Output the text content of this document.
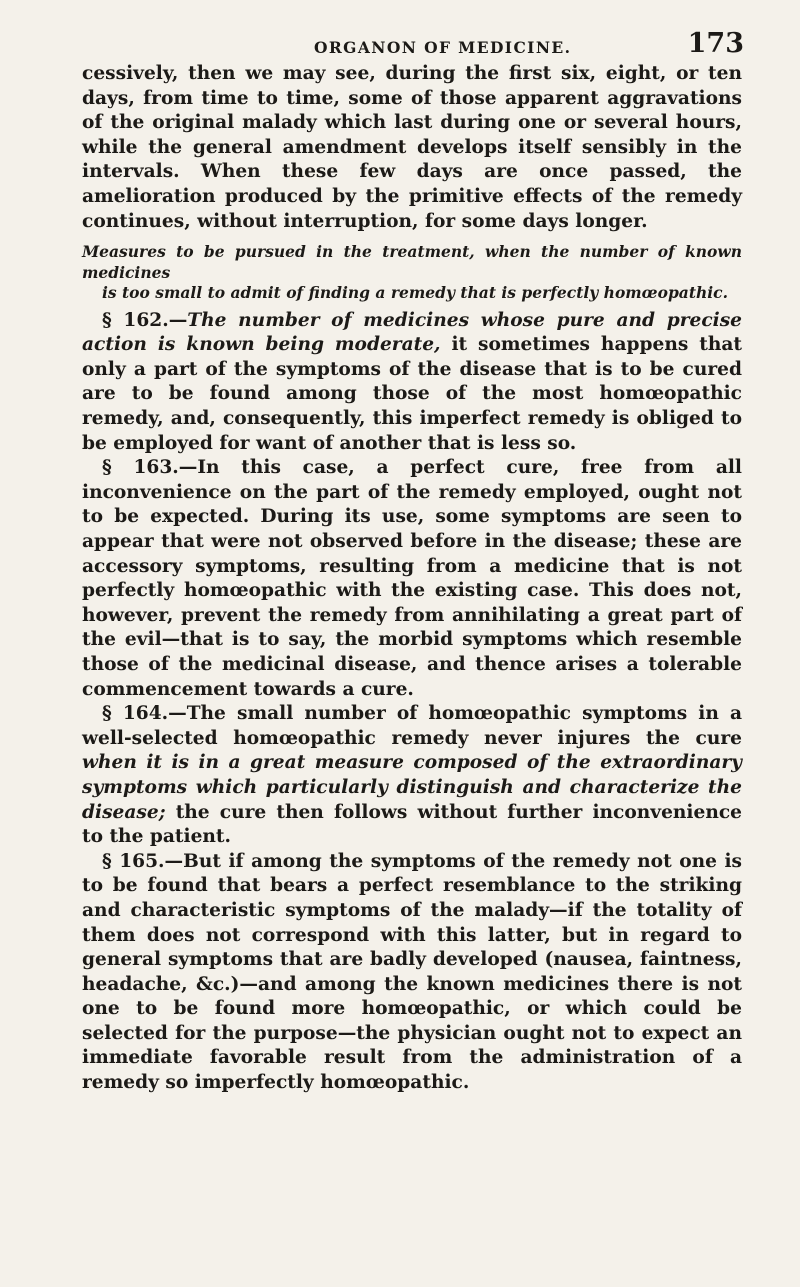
ORGANON OF MEDICINE.	173

cessively, then we may see, during the first six, eight, or ten days, from time to time, some of those apparent aggravations of the original malady which last during one or several hours, while the general amendment develops itself sensibly in the intervals. When these few days are once passed, the amelioration produced by the primitive effects of the remedy continues, without interruption, for some days longer.

Measures to be pursued in the treatment, when the number of known medicines
is too small to admit of finding a remedy that is perfectly homœopathic.

§ 162.—The number of medicines whose pure and precise action is known being moderate, it sometimes happens that only a part of the symptoms of the disease that is to be cured are to be found among those of the most homœopathic remedy, and, consequently, this imperfect remedy is obliged to be employed for want of another that is less so.

§ 163.—In this case, a perfect cure, free from all inconvenience on the part of the remedy employed, ought not to be expected. During its use, some symptoms are seen to appear that were not observed before in the disease; these are accessory symptoms, resulting from a medicine that is not perfectly homœopathic with the existing case. This does not, however, prevent the remedy from annihilating a great part of the evil—that is to say, the morbid symptoms which resemble those of the medicinal disease, and thence arises a tolerable commencement towards a cure.

§ 164.—The small number of homœopathic symptoms in a well-selected homœopathic remedy never injures the cure when it is in a great measure composed of the extraordinary symptoms which particularly distinguish and characterize the disease; the cure then follows without further inconvenience to the patient.

§ 165.—But if among the symptoms of the remedy not one is to be found that bears a perfect resemblance to the striking and characteristic symptoms of the malady—if the totality of them does not correspond with this latter, but in regard to general symptoms that are badly developed (nausea, faintness, headache, &c.)—and among the known medicines there is not one to be found more homœopathic, or which could be selected for the purpose—the physician ought not to expect an immediate favorable result from the administration of a remedy so imperfectly homœopathic.
